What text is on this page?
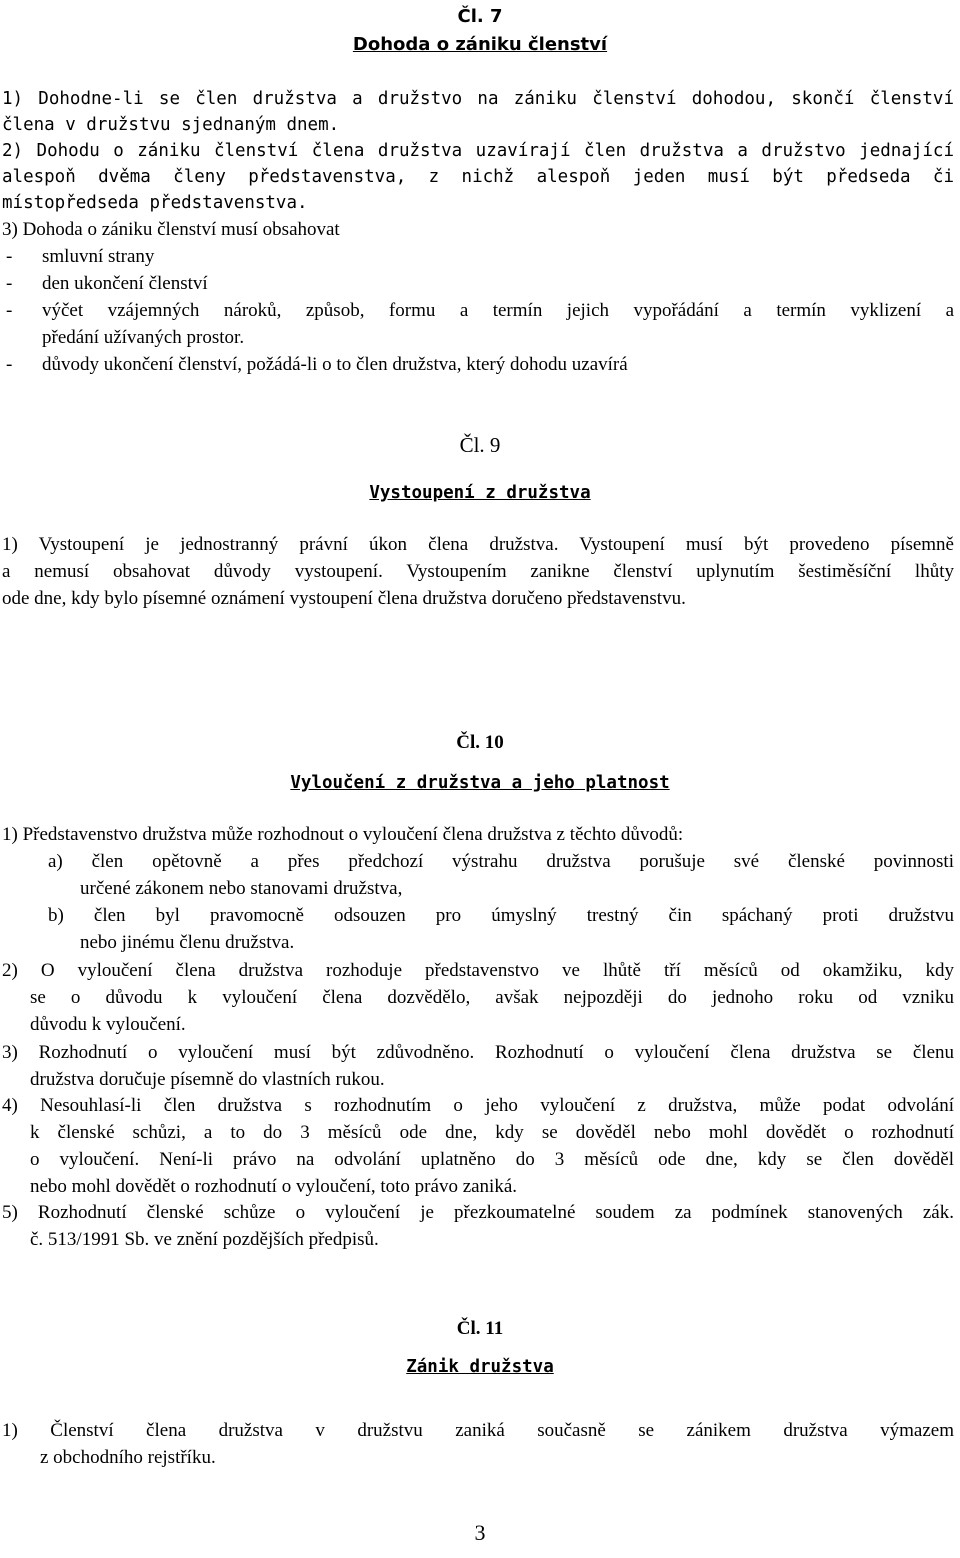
Čl. 7
Dohoda o zániku členství
1) Dohodne-li se člen družstva a družstvo na zániku členství dohodou, skončí členství
člena v družstvu sjednaným dnem.
2) Dohodu o zániku členství člena družstva uzavírají člen družstva a družstvo jednající
alespoň dvěma členy představenstva, z nichž alespoň jeden musí být předseda či
místopředseda představenstva.
3) Dohoda o zániku členství musí obsahovat
- smluvní strany
- den ukončení členství
- výčet vzájemných nároků, způsob, formu a termín jejich vypořádání a termín vyklizení a
předání užívaných prostor.
- důvody ukončení členství, požádá-li o to člen družstva, který dohodu uzavírá
Čl. 9
Vystoupení z družstva
1) Vystoupení je jednostranný právní úkon člena družstva. Vystoupení musí být provedeno písemně
a nemusí obsahovat důvody vystoupení. Vystoupením zanikne členství uplynutím šestiměsíční lhůty
ode dne, kdy bylo písemné oznámení vystoupení člena družstva doručeno představenstvu.
Čl. 10
Vyloučení z družstva a jeho platnost
1) Představenstvo družstva může rozhodnout o vyloučení člena družstva z těchto důvodů:
a) člen opětovně a přes předchozí výstrahu družstva porušuje své členské povinnosti
určené zákonem nebo stanovami družstva,
b) člen byl pravomocně odsouzen pro úmyslný trestný čin spáchaný proti družstvu
nebo jinému členu družstva.
2) O vyloučení člena družstva rozhoduje představenstvo ve lhůtě tří měsíců od okamžiku, kdy
se o důvodu k vyloučení člena dozvědělo, avšak nejpozději do jednoho roku od vzniku
důvodu k vyloučení.
3) Rozhodnutí o vyloučení musí být zdůvodněno. Rozhodnutí o vyloučení člena družstva se členu
družstva doručuje písemně do vlastních rukou.
4) Nesouhlasí-li člen družstva s rozhodnutím o jeho vyloučení z družstva, může podat odvolání
k členské schůzi, a to do 3 měsíců ode dne, kdy se dověděl nebo mohl dovědět o rozhodnutí
o vyloučení. Není-li právo na odvolání uplatněno do 3 měsíců ode dne, kdy se člen dověděl
nebo mohl dovědět o rozhodnutí o vyloučení, toto právo zaniká.
5) Rozhodnutí členské schůze o vyloučení je přezkoumatelné soudem za podmínek stanovených zák.
č. 513/1991 Sb. ve znění pozdějších předpisů.
Čl. 11
Zánik družstva
1) Členství člena družstva v družstvu zaniká současně se zánikem družstva výmazem
z obchodního rejstříku.
3
